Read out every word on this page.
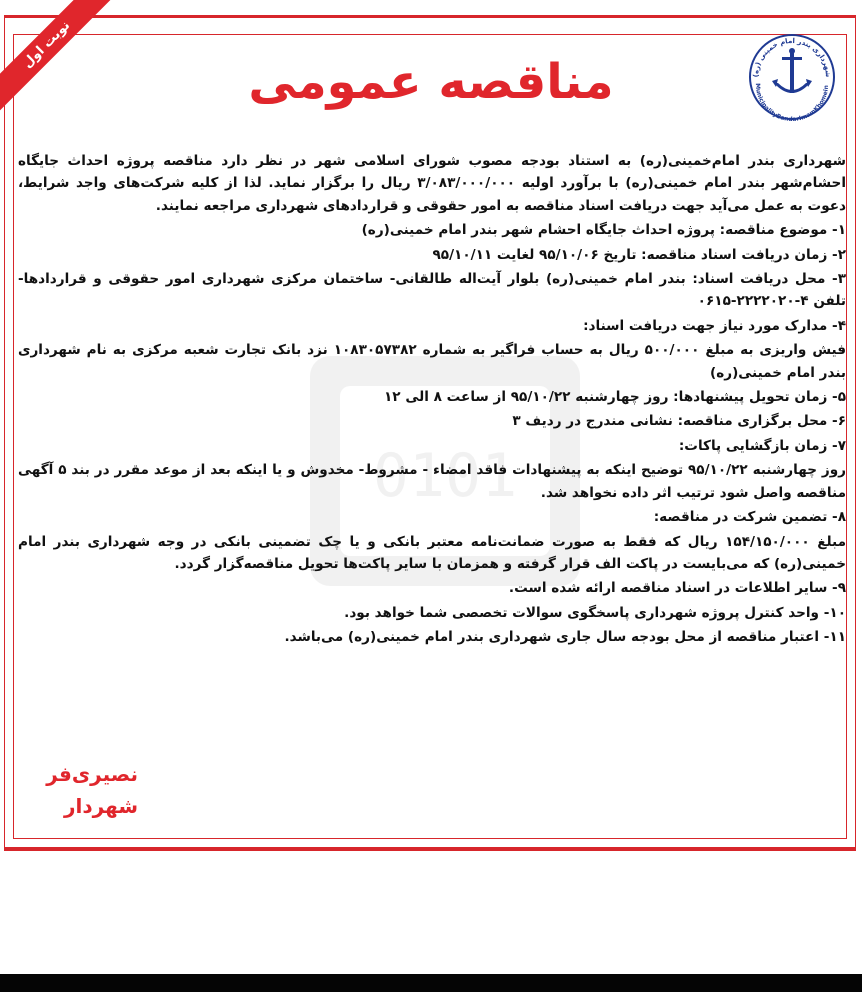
نوبت اول
شهرداری بندر امام خمینی (ره)
MunicipalityBandarImamKhomein
مناقصه عمومی
0101

شهرداری بندر امام‌خمینی(ره) به استناد بودجه مصوب شورای اسلامی شهر در نظر دارد مناقصه پروژه احداث جایگاه احشام‌شهر بندر امام خمینی(ره) با برآورد اولیه ۳/۰۸۳/۰۰۰/۰۰۰ ریال را برگزار نماید. لذا از کلیه شرکت‌های واجد شرایط، دعوت به عمل می‌آید جهت دریافت اسناد مناقصه به امور حقوقی و قراردادهای شهرداری مراجعه نمایند.

۱- موضوع مناقصه: پروژه احداث جایگاه احشام شهر بندر امام خمینی(ره)

۲- زمان دریافت اسناد مناقصه: تاریخ ۹۵/۱۰/۰۶ لغایت ۹۵/۱۰/۱۱

۳- محل دریافت اسناد: بندر امام خمینی(ره) بلوار آیت‌اله طالقانی- ساختمان مرکزی شهرداری امور حقوقی و قراردادها- تلفن ۴-۲۲۲۲۰۲۰-۰۶۱۵

۴- مدارک مورد نیاز جهت دریافت اسناد:

فیش واریزی به مبلغ ۵۰۰/۰۰۰ ریال به حساب فراگیر به شماره ۱۰۸۳۰۵۷۳۸۲ نزد بانک تجارت شعبه مرکزی به نام شهرداری بندر امام خمینی(ره)

۵- زمان تحویل پیشنهادها: روز چهارشنبه ۹۵/۱۰/۲۲ از ساعت ۸ الی ۱۲

۶- محل برگزاری مناقصه: نشانی مندرج در ردیف ۳

۷- زمان بازگشایی پاکات:

روز چهارشنبه ۹۵/۱۰/۲۲ توضیح اینکه به پیشنهادات فاقد امضاء - مشروط- مخدوش و یا اینکه بعد از موعد مقرر در بند ۵ آگهی مناقصه واصل شود ترتیب اثر داده نخواهد شد.

۸- تضمین شرکت در مناقصه:

مبلغ ۱۵۴/۱۵۰/۰۰۰ ریال که فقط به صورت ضمانت‌نامه معتبر بانکی و یا چک تضمینی بانکی در وجه شهرداری بندر امام خمینی(ره) که می‌بایست در پاکت الف قرار گرفته و همزمان با سایر پاکت‌ها تحویل مناقصه‌گزار گردد.

۹- سایر اطلاعات در اسناد مناقصه ارائه شده است.

۱۰- واحد کنترل پروژه شهرداری پاسخگوی سوالات تخصصی شما خواهد بود.

۱۱- اعتبار مناقصه از محل بودجه سال جاری شهرداری بندر امام خمینی(ره) می‌باشد.

نصیری‌فر
شهردار
